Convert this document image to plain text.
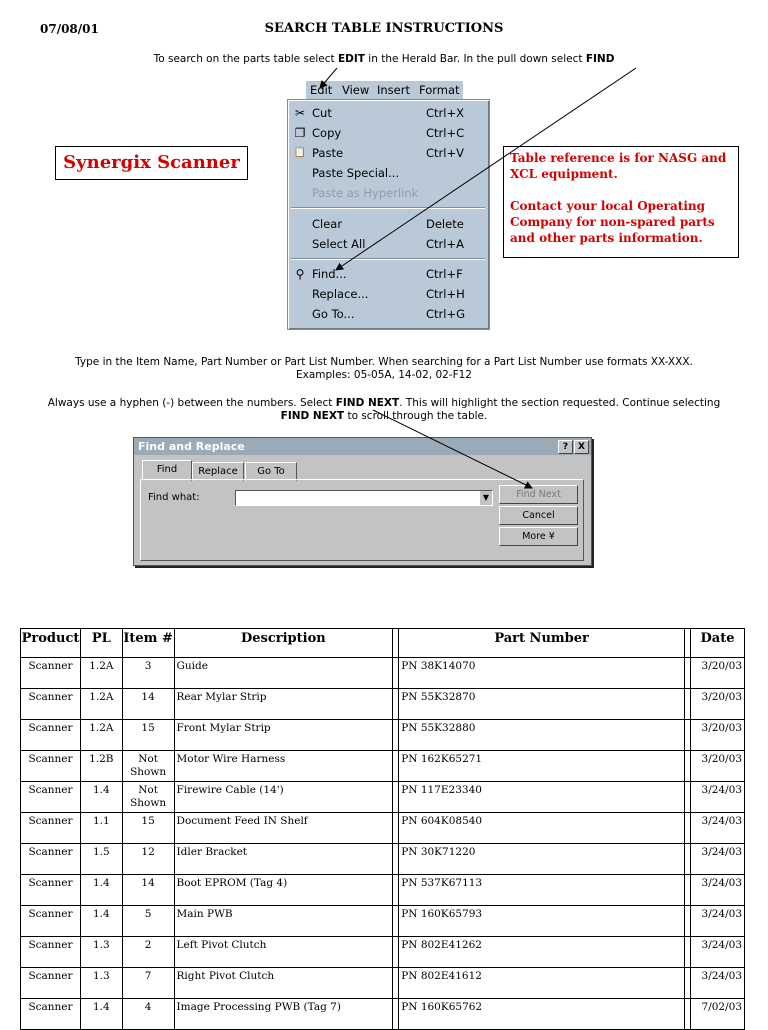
07/08/01	SEARCH TABLE INSTRUCTIONS
To search on the parts table select EDIT in the Herald Bar. In the pull down select FIND
Edit View Insert Format
✂ Cut	Ctrl+X
❐ Copy	Ctrl+C
📋 Paste	Ctrl+V
Paste Special...
Paste as Hyperlink
Clear	Delete
Select All	Ctrl+A
⚲ Find...	Ctrl+F
Replace...	Ctrl+H
Go To...	Ctrl+G
Synergix Scanner	Table reference is for NASG and XCL equipment.

Contact your local Operating Company for non-spared parts and other parts information.

Type in the Item Name, Part Number or Part List Number. When searching for a Part List Number use formats XX-XXX.
Examples: 05-05A, 14-02, 02-F12
Always use a hyphen (-) between the numbers. Select FIND NEXT. This will highlight the section requested. Continue selecting
FIND NEXT to scroll through the table.
Find and Replace	?	X
Find	Replace	Go To
Find what:	▼	Find Next
Cancel
More ¥
Product	PL	Item #	Description		Part Number		Date
Scanner	1.2A	3	Guide		PN 38K14070		3/20/03
Scanner	1.2A	14	Rear Mylar Strip		PN 55K32870		3/20/03
Scanner	1.2A	15	Front Mylar Strip		PN 55K32880		3/20/03
Scanner	1.2B	Not Shown	Motor Wire Harness		PN 162K65271		3/20/03
Scanner	1.4	Not Shown	Firewire Cable (14')		PN 117E23340		3/24/03
Scanner	1.1	15	Document Feed IN Shelf		PN 604K08540		3/24/03
Scanner	1.5	12	Idler Bracket		PN 30K71220		3/24/03
Scanner	1.4	14	Boot EPROM (Tag 4)		PN 537K67113		3/24/03
Scanner	1.4	5	Main PWB		PN 160K65793		3/24/03
Scanner	1.3	2	Left Pivot Clutch		PN 802E41262		3/24/03
Scanner	1.3	7	Right Pivot Clutch		PN 802E41612		3/24/03
Scanner	1.4	4	Image Processing PWB (Tag 7)		PN 160K65762		7/02/03
